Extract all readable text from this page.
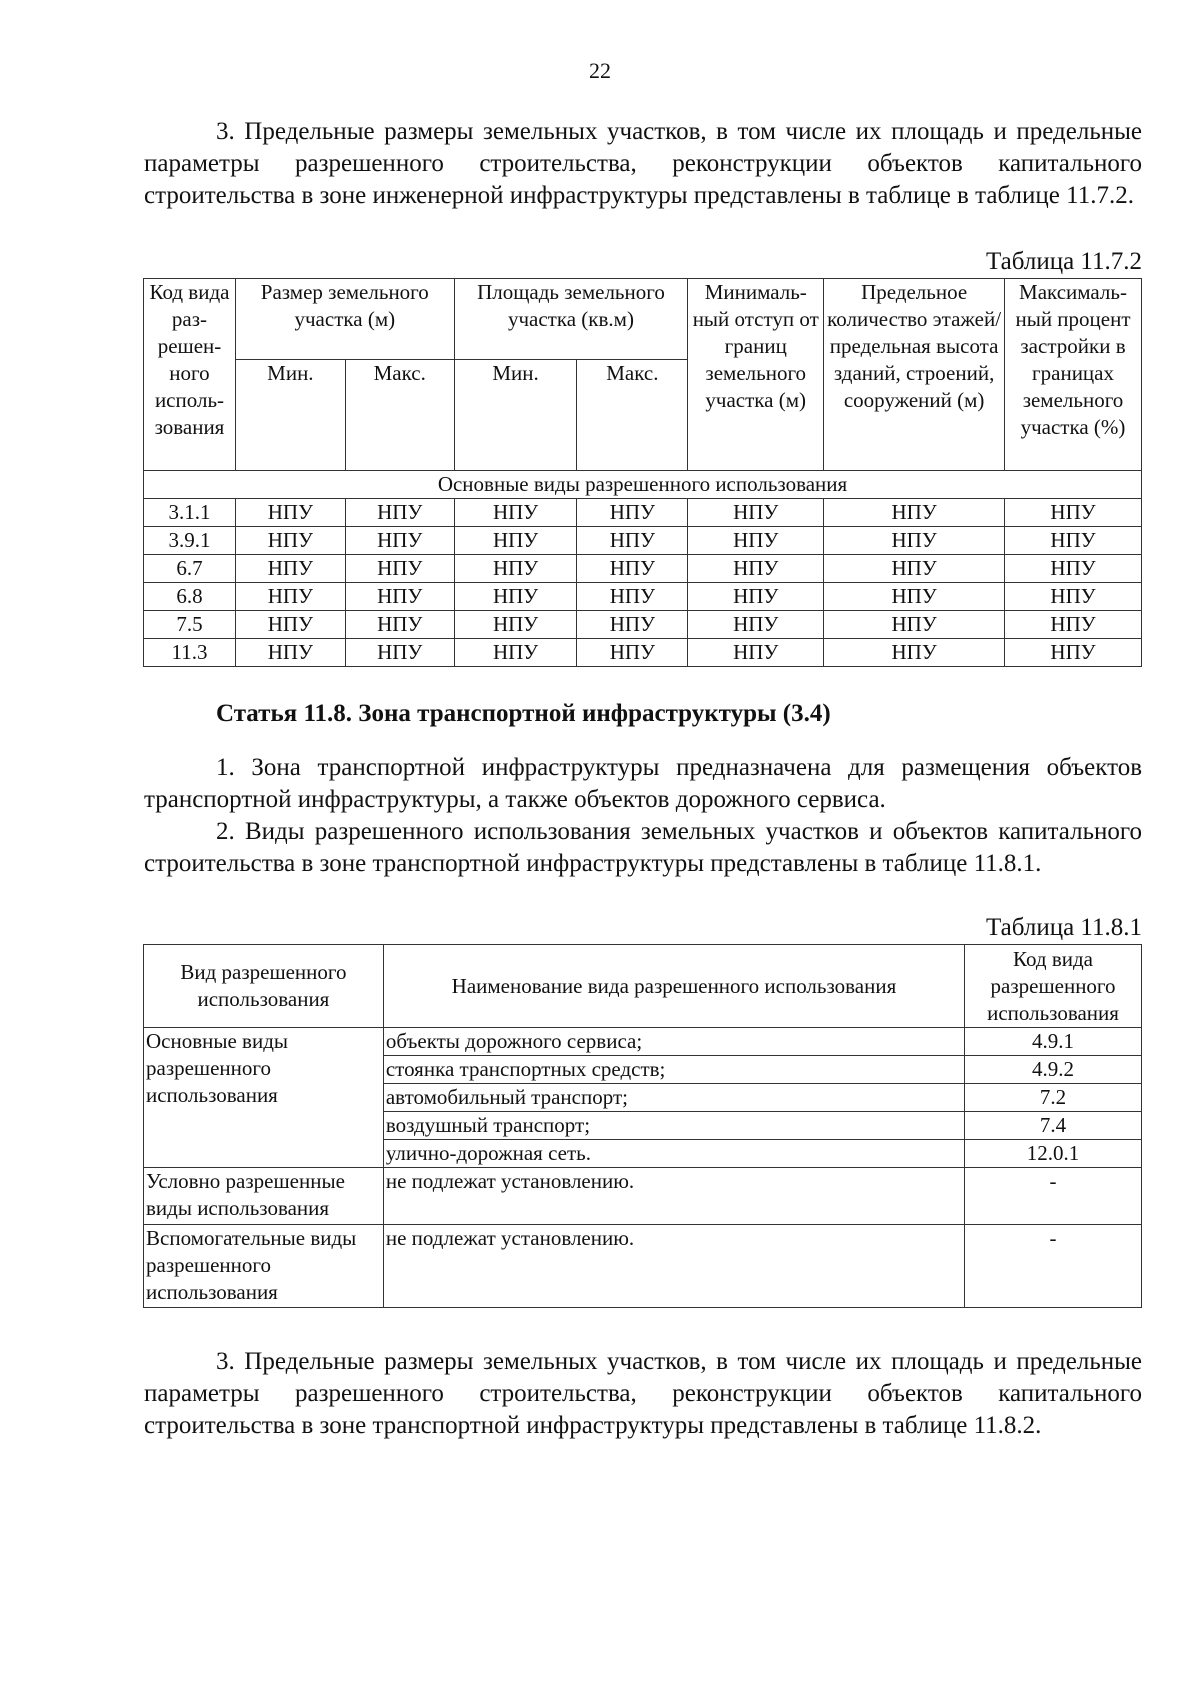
22

3. Предельные размеры земельных участков, в том числе их площадь и предельные параметры разрешенного строительства, реконструкции объектов капитального строительства в зоне инженерной инфраструктуры представлены в таблице в таблице 11.7.2.

Таблица 11.7.2
Код вида раз-решен-ного исполь-зования	Размер земельного участка (м)		Площадь земельного участка (кв.м)		Минималь-ный отступ от границ земельного участка (м)	Предельное количество этажей/ предельная высота зданий, строений, сооружений (м)	Максималь-ный процент застройки в границах земельного участка (%)
	Мин.	Макс.	Мин.	Макс.			
Основные виды разрешенного использования							
3.1.1	НПУ	НПУ	НПУ	НПУ	НПУ	НПУ	НПУ
3.9.1	НПУ	НПУ	НПУ	НПУ	НПУ	НПУ	НПУ
6.7	НПУ	НПУ	НПУ	НПУ	НПУ	НПУ	НПУ
6.8	НПУ	НПУ	НПУ	НПУ	НПУ	НПУ	НПУ
7.5	НПУ	НПУ	НПУ	НПУ	НПУ	НПУ	НПУ
11.3	НПУ	НПУ	НПУ	НПУ	НПУ	НПУ	НПУ
Статья 11.8. Зона транспортной инфраструктуры (3.4)

1. Зона транспортной инфраструктуры предназначена для размещения объектов транспортной инфраструктуры, а также объектов дорожного сервиса.

2. Виды разрешенного использования земельных участков и объектов капитального строительства в зоне транспортной инфраструктуры представлены в таблице 11.8.1.

Таблица 11.8.1
Вид разрешенного использования	Наименование вида разрешенного использования	Код вида разрешенного использования
Основные виды разрешенного использования	объекты дорожного сервиса;	4.9.1
	стоянка транспортных средств;	4.9.2
	автомобильный транспорт;	7.2
	воздушный транспорт;	7.4
	улично-дорожная сеть.	12.0.1
Условно разрешенные виды использования	не подлежат установлению.	-
Вспомогательные виды разрешенного использования	не подлежат установлению.	-

3. Предельные размеры земельных участков, в том числе их площадь и предельные параметры разрешенного строительства, реконструкции объектов капитального строительства в зоне транспортной инфраструктуры представлены в таблице 11.8.2.
